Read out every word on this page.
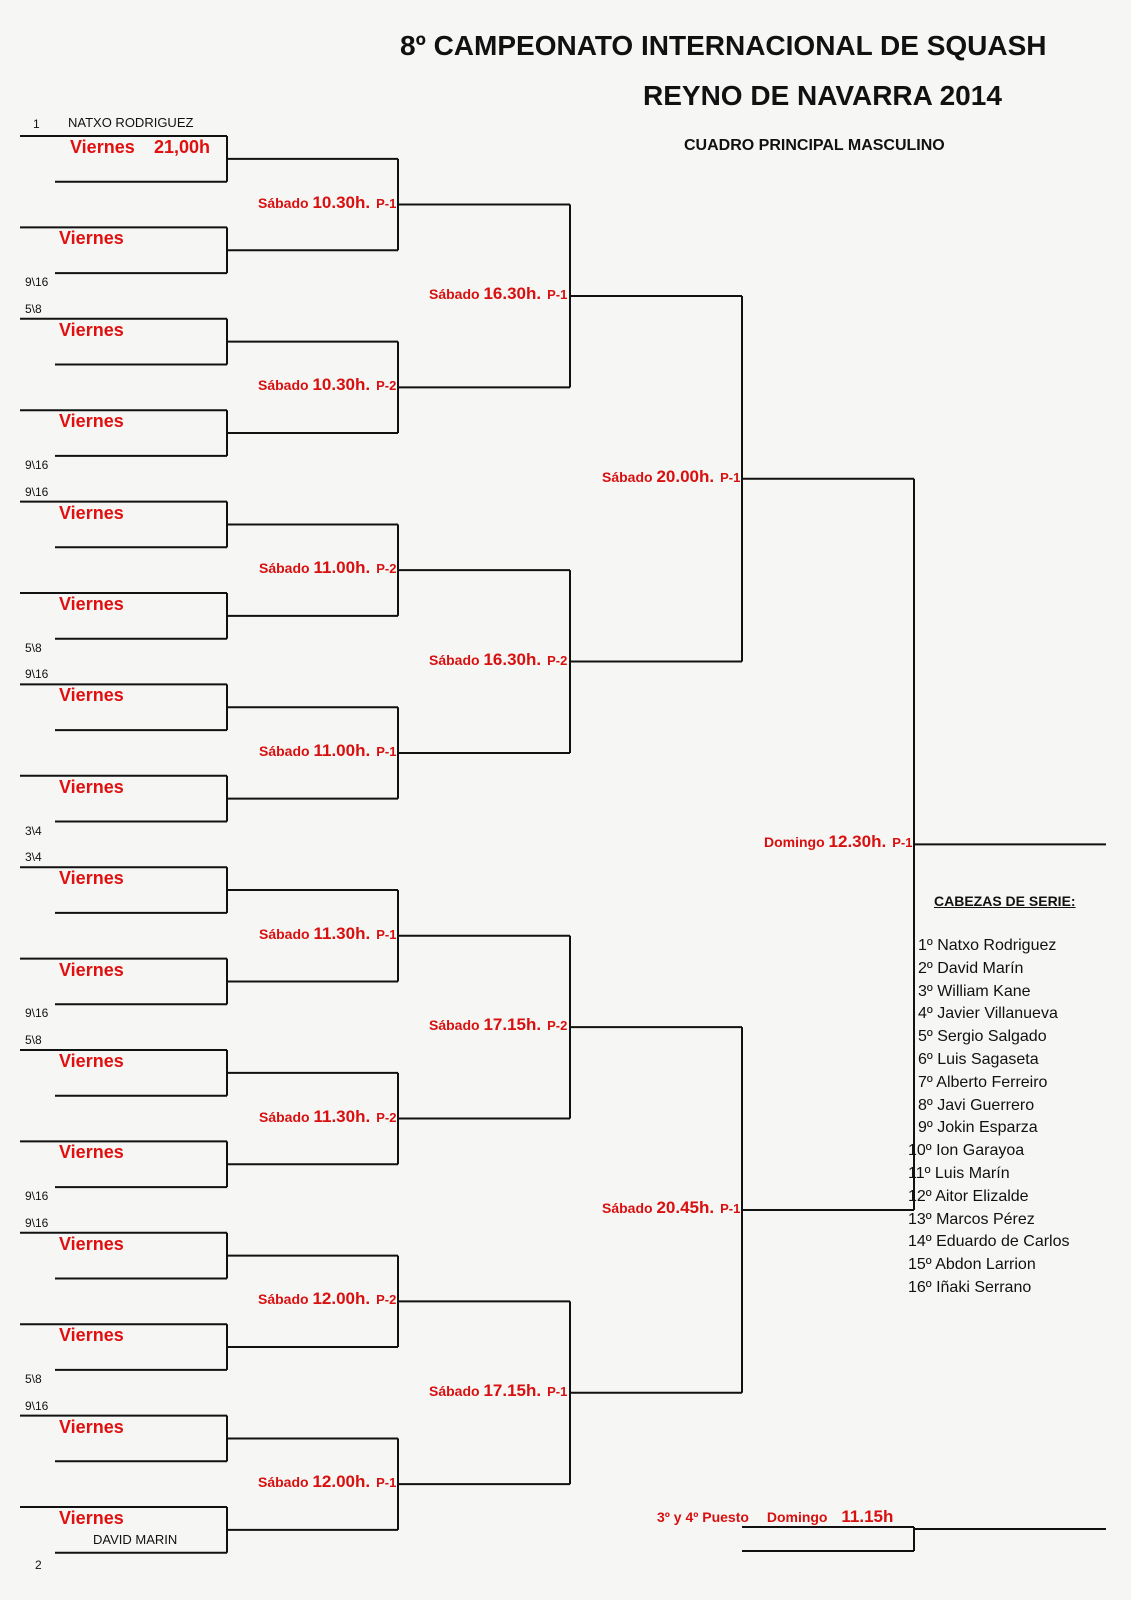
8º CAMPEONATO INTERNACIONAL DE SQUASH
REYNO DE NAVARRA 2014
CUADRO PRINCIPAL MASCULINO
1
Viernes 21,00h
9\16
Viernes
5\8
Viernes
9\16
Viernes
9\16
Viernes
5\8
Viernes
9\16
Viernes
3\4
Viernes
3\4
Viernes
9\16
Viernes
5\8
Viernes
9\16
Viernes
9\16
Viernes
5\8
Viernes
9\16
Viernes
2
Viernes
Sábado 10.30h. P-1
Sábado 10.30h. P-2
Sábado 11.00h. P-2
Sábado 11.00h. P-1
Sábado 11.30h. P-1
Sábado 11.30h. P-2
Sábado 12.00h. P-2
Sábado 12.00h. P-1
Sábado 16.30h. P-1
Sábado 16.30h. P-2
Sábado 17.15h. P-2
Sábado 17.15h. P-1
Sábado 20.00h. P-1
Sábado 20.45h. P-1
Domingo 12.30h. P-1
NATXO RODRIGUEZ
DAVID MARIN
CABEZAS DE SERIE:
1º Natxo Rodriguez
2º David Marín
3º William Kane
4º Javier Villanueva
5º Sergio Salgado
6º Luis Sagaseta
7º Alberto Ferreiro
8º Javi Guerrero
9º Jokin Esparza
10º Ion Garayoa
11º Luis Marín
12º Aitor Elizalde
13º Marcos Pérez
14º Eduardo de Carlos
15º Abdon Larrion
16º Iñaki Serrano
3º y 4º Puesto Domingo 11.15h
